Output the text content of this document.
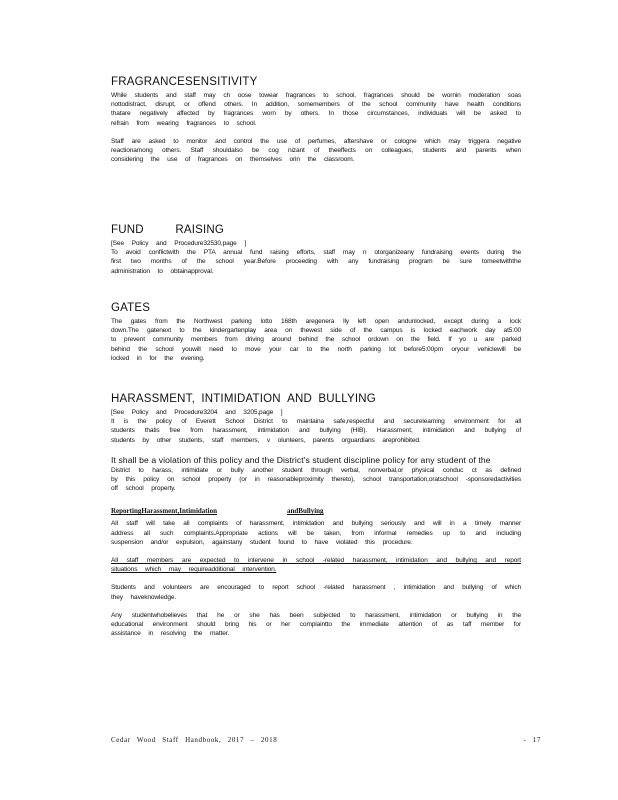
FRAGRANCESENSITIVITY

While students and staff may ch oose towear fragrances to school, fragrances should be wornin moderation soas nottodistract, disrupt, or offend others. In addition, somemembers of the school community have health conditions thatare negatively affected by fragrances worn by others. In those circumstances, individuals will be asked to refrain from wearing fragrances to school.

Staff are asked to monitor and control the use of perfumes, aftershave or cologne which may triggera negative reactionamong others. Staff shouldalso be cog nizant of theeffects on colleagues, students and parents when considering the use of fragrances on themselves orin the classroom.

FUND	RAISING

[See Policy and Procedure32530,page ]

To avoid conflictwith the PTA annual fund raising efforts, staff may n otorganizeany fundraising events during the first two months of the school year.Before proceeding with any fundraising program be sure tomeetwiththe administration to obtainapproval.

GATES

The gates from the Northwest parking lotto 168th aregenera lly left open andunlocked, except during a lock down.The gatenext to the kindergartenplay area on thewest side of the campus is locked eachwork day at5:00 to prevent community members from driving around behind the school ordown on the field. If yo u are parked behind the school youwill need to move your car to the north parking lot before5:00pm oryour vehiclewill be locked in for the evening.

HARASSMENT, INTIMIDATION AND BULLYING

[See Policy and Procedure3204 and 3205,page ]

It is the policy of Everett School District to maintaina safe,respectful and securelearning environment for all students thatis free from harassment, intimidation and bullying (HIB). Harassment, intimidation and bullying of students by other students, staff members, v olunteers, parents orguardians areprohibited.

It shall be a violation of this policy and the District's student discipline policy for any student of the

District to harass, intimidate or bully another student through verbal, nonverbal,or physical conduc ct as defined by this policy on school property (or in reasonableproximity thereto), school transportation,oratschool -sponsoredactivities off school property.

ReportingHarassment,Intimidation	andBullying

All staff will take all complaints of harassment, intimidation and bullying seriously and will in a timely manner address all such complaints.Appropriate actions will be taken, from informal remedies up to and including suspension and/or expulsion, againstany student found to have violated this procedure.

All staff members are expected to intervene in school -related harassment, intimidation and bullying and report situations which may requireadditional intervention.

Students and volunteers are encouraged to report school -related harassment , intimidation and bullying of which they haveknowledge.

Any studentwhobelieves that he or she has been subjected to harassment, intimidation or bullying in the educational environment should bring his or her complaintto the immediate attention of as taff member for assistance in resolving the matter.

Cedar Wood Staff Handbook, 2017 – 2018	- 17
